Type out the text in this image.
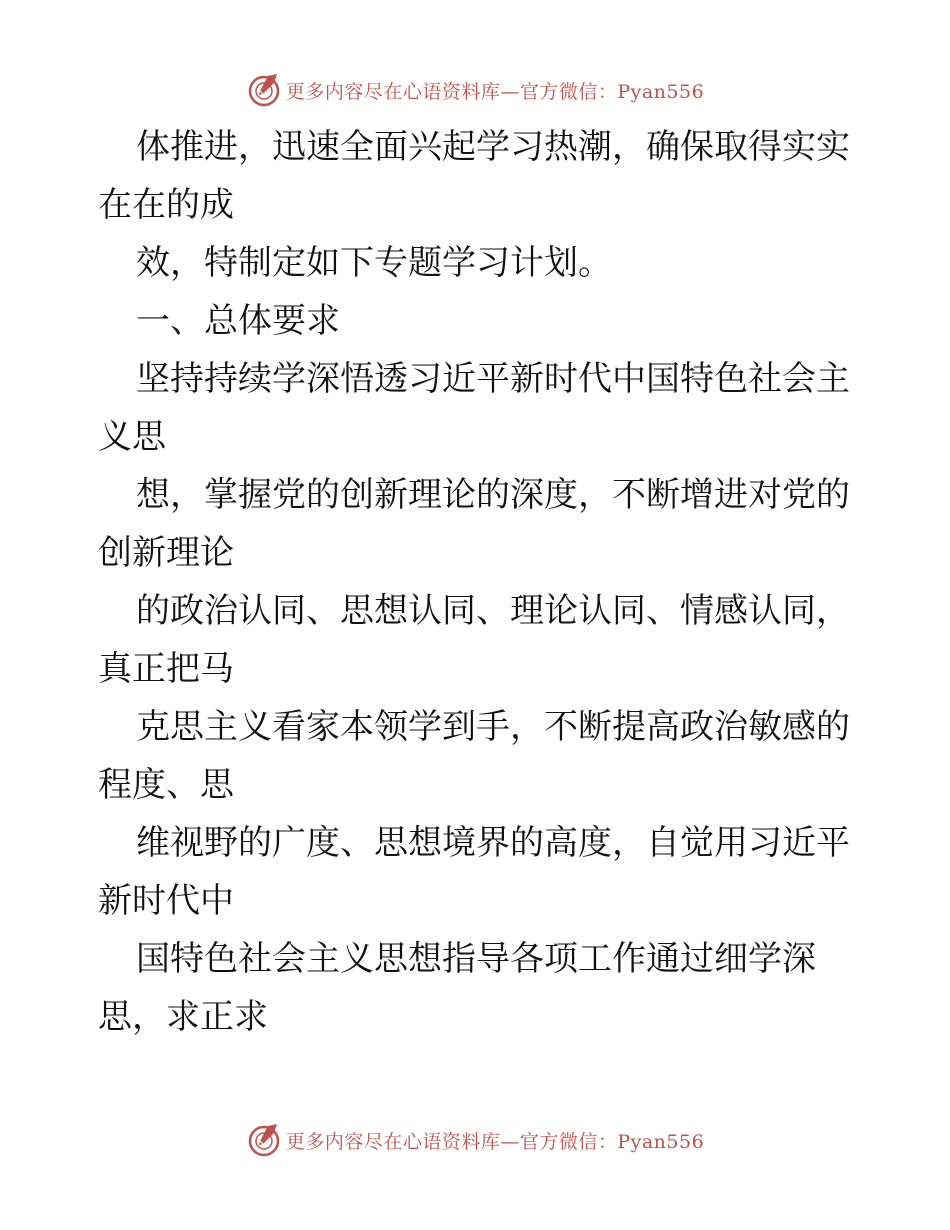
更多内容尽在心语资料库—官方微信：Pyan556
体推进，迅速全面兴起学习热潮，确保取得实实
在在的成
效，特制定如下专题学习计划。
一、总体要求
坚持持续学深悟透习近平新时代中国特色社会主
义思
想，掌握党的创新理论的深度，不断增进对党的
创新理论
的政治认同、思想认同、理论认同、情感认同，
真正把马
克思主义看家本领学到手，不断提高政治敏感的
程度、思
维视野的广度、思想境界的高度，自觉用习近平
新时代中
国特色社会主义思想指导各项工作通过细学深
思，求正求
更多内容尽在心语资料库—官方微信：Pyan556
